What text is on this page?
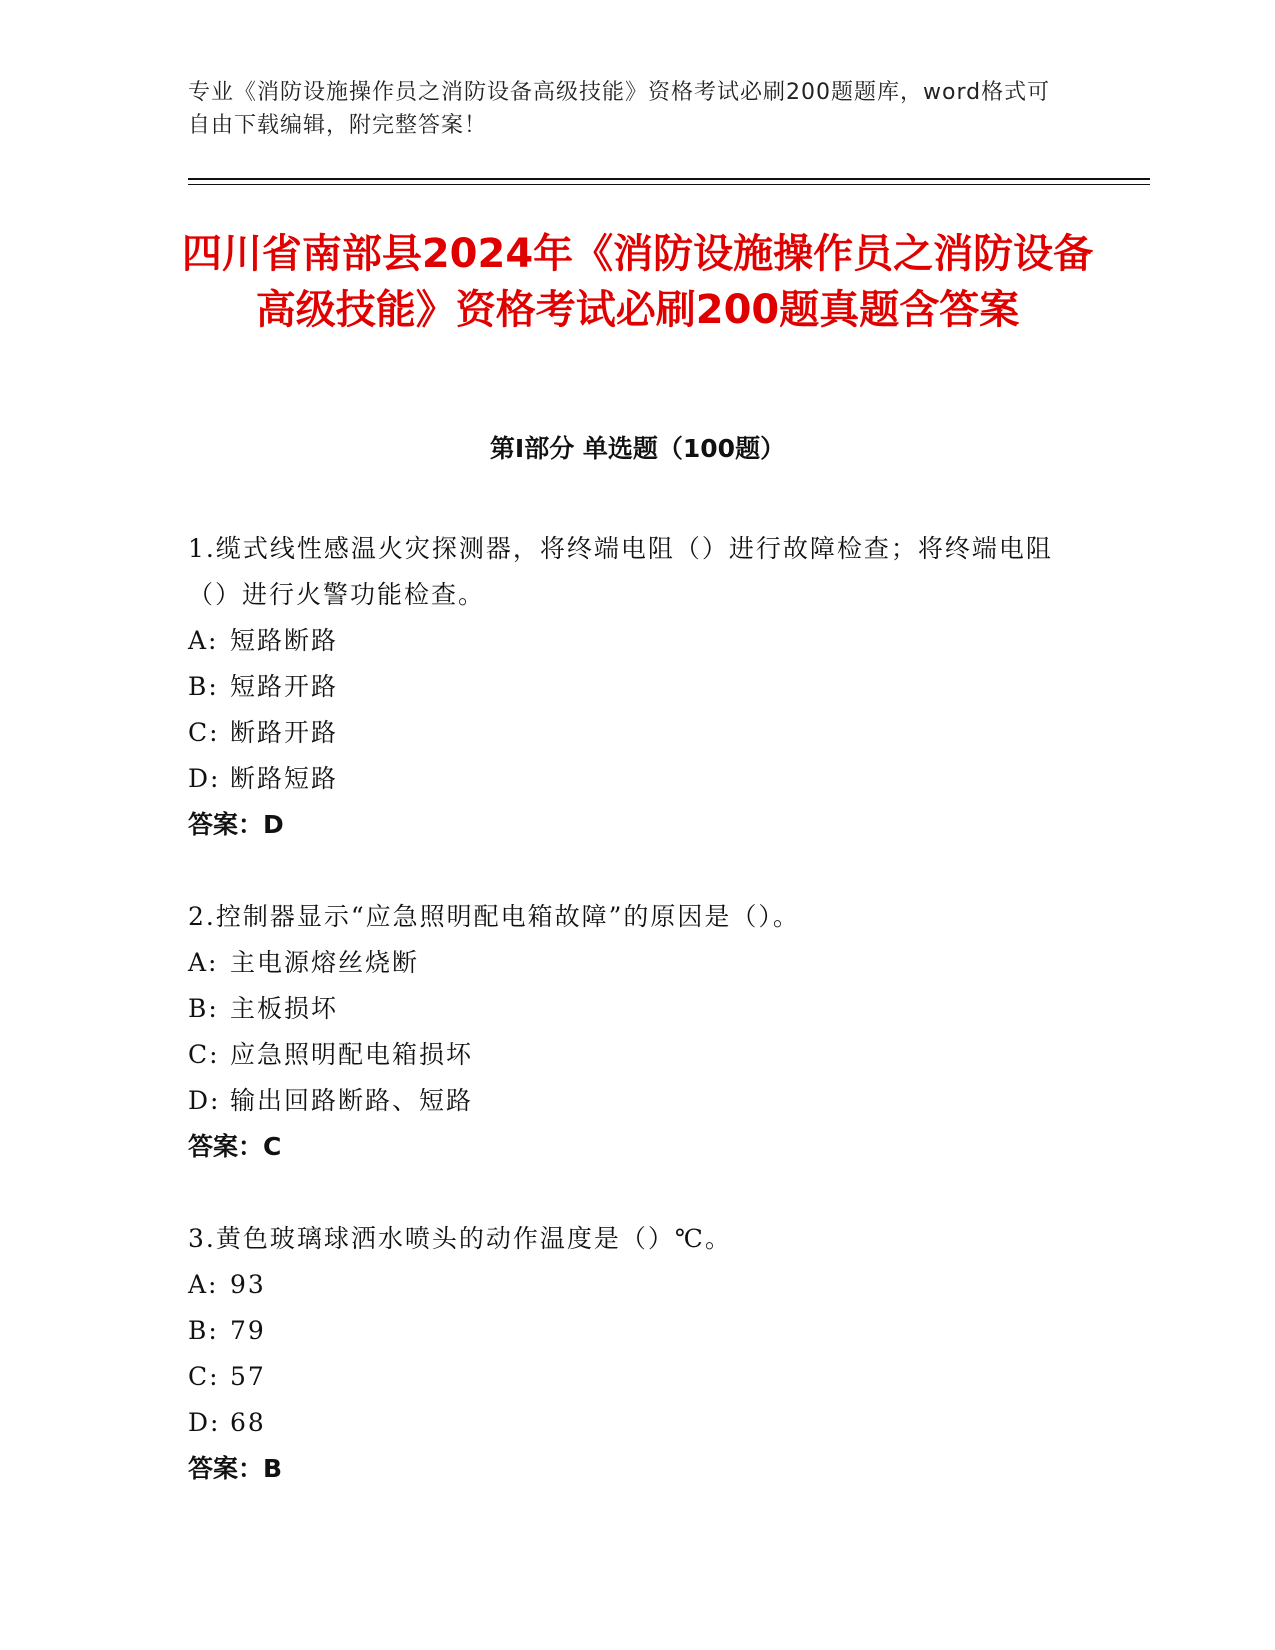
专业《消防设施操作员之消防设备高级技能》资格考试必刷200题题库，word格式可自由下载编辑，附完整答案！
四川省南部县2024年《消防设施操作员之消防设备高级技能》资格考试必刷200题真题含答案
第Ⅰ部分 单选题（100题）
1.缆式线性感温火灾探测器，将终端电阻（）进行故障检查；将终端电阻（）进行火警功能检查。
A: 短路断路
B: 短路开路
C: 断路开路
D: 断路短路
答案：D
2.控制器显示“应急照明配电箱故障”的原因是（）。
A: 主电源熔丝烧断
B: 主板损坏
C: 应急照明配电箱损坏
D: 输出回路断路、短路
答案：C
3.黄色玻璃球洒水喷头的动作温度是（）℃。
A: 93
B: 79
C: 57
D: 68
答案：B
